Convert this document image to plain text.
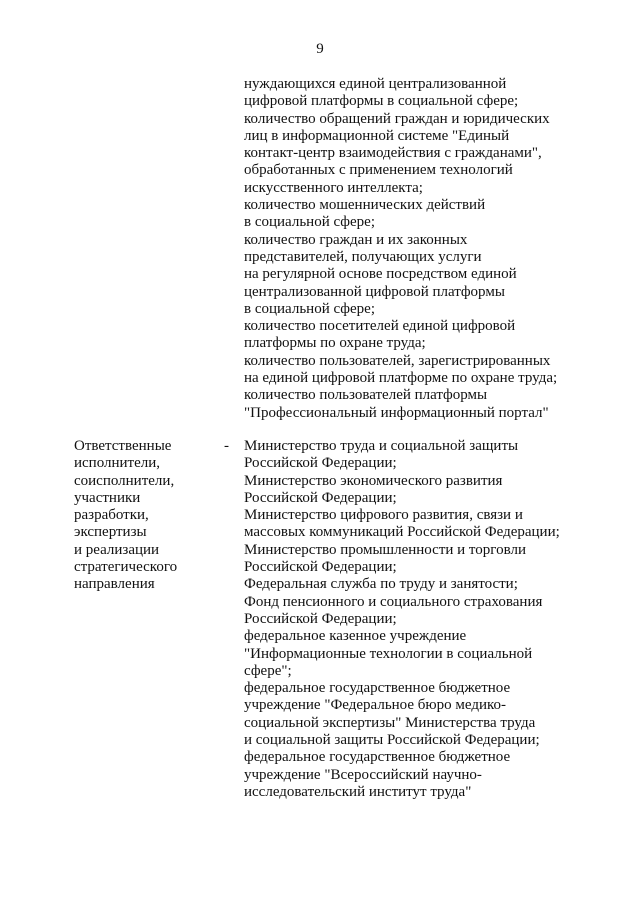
9
нуждающихся единой централизованной
цифровой платформы в социальной сфере;
количество обращений граждан и юридических
лиц в информационной системе "Единый
контакт-центр взаимодействия с гражданами",
обработанных с применением технологий
искусственного интеллекта;
количество мошеннических действий
в социальной сфере;
количество граждан и их законных
представителей, получающих услуги
на регулярной основе посредством единой
централизованной цифровой платформы
в социальной сфере;
количество посетителей единой цифровой
платформы по охране труда;
количество пользователей, зарегистрированных
на единой цифровой платформе по охране труда;
количество пользователей платформы
"Профессиональный информационный портал"
Ответственные
исполнители,
соисполнители,
участники
разработки,
экспертизы
и реализации
стратегического
направления
- Министерство труда и социальной защиты
Российской Федерации;
Министерство экономического развития
Российской Федерации;
Министерство цифрового развития, связи и
массовых коммуникаций Российской Федерации;
Министерство промышленности и торговли
Российской Федерации;
Федеральная служба по труду и занятости;
Фонд пенсионного и социального страхования
Российской Федерации;
федеральное казенное учреждение
"Информационные технологии в социальной
сфере";
федеральное государственное бюджетное
учреждение "Федеральное бюро медико-
социальной экспертизы" Министерства труда
и социальной защиты Российской Федерации;
федеральное государственное бюджетное
учреждение "Всероссийский научно-
исследовательский институт труда"
